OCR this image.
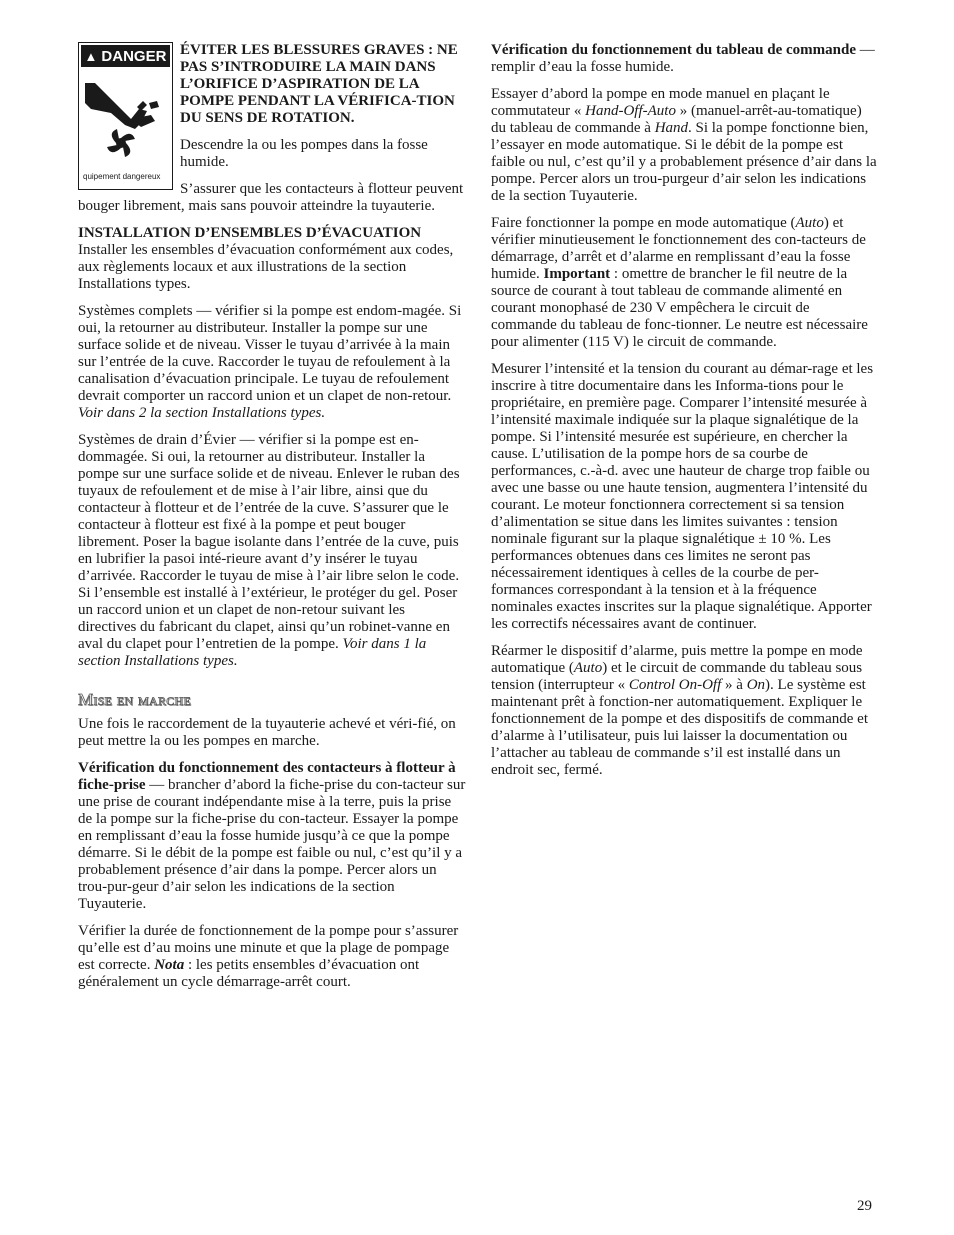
▲ DANGER
quipement dangereux

ÉVITER LES BLESSURES GRAVES : NE PAS S’INTRODUIRE LA MAIN DANS L’ORIFICE D’ASPIRATION DE LA POMPE PENDANT LA VÉRIFICA-TION DU SENS DE ROTATION.

Descendre la ou les pompes dans la fosse humide.

S’assurer que les contacteurs à flotteur peuvent bouger librement, mais sans pouvoir atteindre la tuyauterie.

INSTALLATION D’ENSEMBLES D’ÉVACUATION

Installer les ensembles d’évacuation conformément aux codes, aux règlements locaux et aux illustrations de la section Installations types.

Systèmes complets — vérifier si la pompe est endom-magée. Si oui, la retourner au distributeur. Installer la pompe sur une surface solide et de niveau. Visser le tuyau d’arrivée à la main sur l’entrée de la cuve. Raccorder le tuyau de refoulement à la canalisation d’évacuation principale. Le tuyau de refoulement devrait comporter un raccord union et un clapet de non-retour. Voir dans 2 la section Installations types.

Systèmes de drain d’Évier — vérifier si la pompe est en-dommagée. Si oui, la retourner au distributeur. Installer la pompe sur une surface solide et de niveau. Enlever le ruban des tuyaux de refoulement et de mise à l’air libre, ainsi que du contacteur à flotteur et de l’entrée de la cuve. S’assurer que le contacteur à flotteur est fixé à la pompe et peut bouger librement. Poser la bague isolante dans l’entrée de la cuve, puis en lubrifier la pasoi inté-rieure avant d’y insérer le tuyau d’arrivée. Raccorder le tuyau de mise à l’air libre selon le code. Si l’ensemble est installé à l’extérieur, le protéger du gel. Poser un raccord union et un clapet de non-retour suivant les directives du fabricant du clapet, ainsi qu’un robinet-vanne en aval du clapet pour l’entretien de la pompe. Voir dans 1 la section Installations types.

Mise en marche

Une fois le raccordement de la tuyauterie achevé et véri-fié, on peut mettre la ou les pompes en marche.

Vérification du fonctionnement des contacteurs à flotteur à fiche-prise — brancher d’abord la fiche-prise du con-tacteur sur une prise de courant indépendante mise à la terre, puis la prise de la pompe sur la fiche-prise du con-tacteur. Essayer la pompe en remplissant d’eau la fosse humide jusqu’à ce que la pompe démarre. Si le débit de la pompe est faible ou nul, c’est qu’il y a probablement présence d’air dans la pompe. Percer alors un trou-pur-geur d’air selon les indications de la section Tuyauterie.

Vérifier la durée de fonctionnement de la pompe pour s’assurer qu’elle est d’au moins une minute et que la plage de pompage est correcte. Nota : les petits ensembles d’évacuation ont généralement un cycle démarrage-arrêt court.

Vérification du fonctionnement du tableau de commande — remplir d’eau la fosse humide.

Essayer d’abord la pompe en mode manuel en plaçant le commutateur « Hand-Off-Auto » (manuel-arrêt-au-tomatique) du tableau de commande à Hand. Si la pompe fonctionne bien, l’essayer en mode automatique. Si le débit de la pompe est faible ou nul, c’est qu’il y a probablement présence d’air dans la pompe. Percer alors un trou-purgeur d’air selon les indications de la section Tuyauterie.

Faire fonctionner la pompe en mode automatique (Auto) et vérifier minutieusement le fonctionnement des con-tacteurs de démarrage, d’arrêt et d’alarme en remplissant d’eau la fosse humide. Important : omettre de brancher le fil neutre de la source de courant à tout tableau de commande alimenté en courant monophasé de 230 V empêchera le circuit de commande du tableau de fonc-tionner. Le neutre est nécessaire pour alimenter (115 V) le circuit de commande.

Mesurer l’intensité et la tension du courant au démar-rage et les inscrire à titre documentaire dans les Informa-tions pour le propriétaire, en première page. Comparer l’intensité mesurée à l’intensité maximale indiquée sur la plaque signalétique de la pompe. Si l’intensité mesurée est supérieure, en chercher la cause. L’utilisation de la pompe hors de sa courbe de performances, c.-à-d. avec une hauteur de charge trop faible ou avec une basse ou une haute tension, augmentera l’intensité du courant. Le moteur fonctionnera correctement si sa tension d’alimentation se situe dans les limites suivantes : tension nominale figurant sur la plaque signalétique ± 10 %. Les performances obtenues dans ces limites ne seront pas nécessairement identiques à celles de la courbe de per-formances correspondant à la tension et à la fréquence nominales exactes inscrites sur la plaque signalétique. Apporter les correctifs nécessaires avant de continuer.

Réarmer le dispositif d’alarme, puis mettre la pompe en mode automatique (Auto) et le circuit de commande du tableau sous tension (interrupteur « Control On-Off » à On). Le système est maintenant prêt à fonction-ner automatiquement. Expliquer le fonctionnement de la pompe et des dispositifs de commande et d’alarme à l’utilisateur, puis lui laisser la documentation ou l’attacher au tableau de commande s’il est installé dans un endroit sec, fermé.

29
